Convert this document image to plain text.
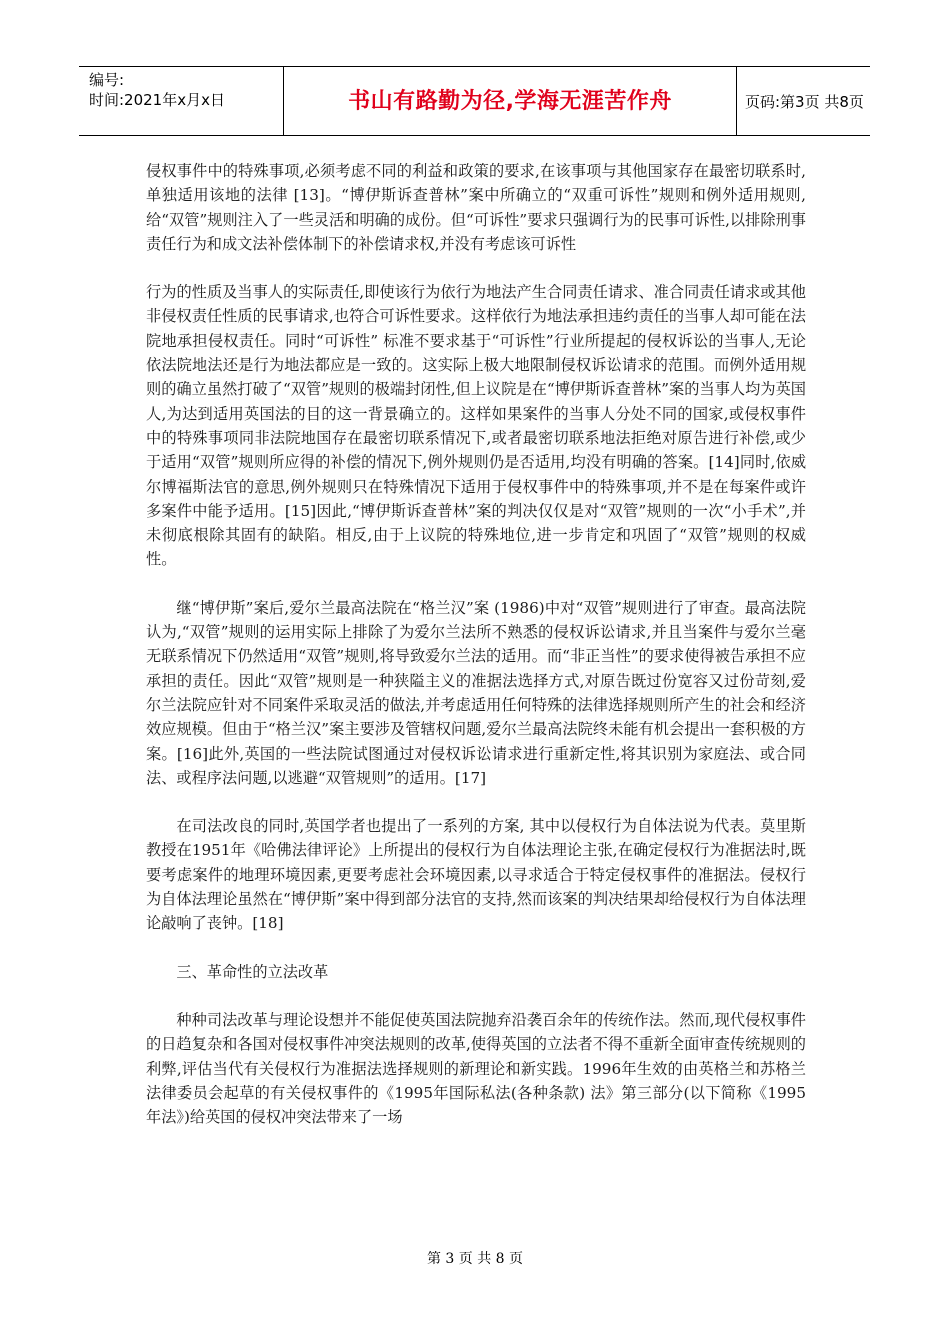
编号:
时间:2021年x月x日	书山有路勤为径,学海无涯苦作舟	页码:第3页 共8页

侵权事件中的特殊事项,必须考虑不同的利益和政策的要求,在该事项与其他国家存在最密切联系时,单独适用该地的法律 [13]。“博伊斯诉查普林”案中所确立的“双重可诉性”规则和例外适用规则,给“双管”规则注入了一些灵活和明确的成份。但“可诉性”要求只强调行为的民事可诉性,以排除刑事责任行为和成文法补偿体制下的补偿请求权,并没有考虑该可诉性

行为的性质及当事人的实际责任,即使该行为依行为地法产生合同责任请求、准合同责任请求或其他非侵权责任性质的民事请求,也符合可诉性要求。这样依行为地法承担违约责任的当事人却可能在法院地承担侵权责任。同时“可诉性” 标准不要求基于“可诉性”行业所提起的侵权诉讼的当事人,无论依法院地法还是行为地法都应是一致的。这实际上极大地限制侵权诉讼请求的范围。而例外适用规则的确立虽然打破了“双管”规则的极端封闭性,但上议院是在“博伊斯诉查普林”案的当事人均为英国人,为达到适用英国法的目的这一背景确立的。这样如果案件的当事人分处不同的国家,或侵权事件中的特殊事项同非法院地国存在最密切联系情况下,或者最密切联系地法拒绝对原告进行补偿,或少于适用“双管”规则所应得的补偿的情况下,例外规则仍是否适用,均没有明确的答案。[14]同时,依威尔博福斯法官的意思,例外规则只在特殊情况下适用于侵权事件中的特殊事项,并不是在每案件或许多案件中能予适用。[15]因此,“博伊斯诉查普林”案的判决仅仅是对“双管”规则的一次“小手术”,并未彻底根除其固有的缺陷。相反,由于上议院的特殊地位,进一步肯定和巩固了“双管”规则的权威性。

继“博伊斯”案后,爱尔兰最高法院在“格兰汉”案 (1986)中对“双管”规则进行了审查。最高法院认为,“双管”规则的运用实际上排除了为爱尔兰法所不熟悉的侵权诉讼请求,并且当案件与爱尔兰毫无联系情况下仍然适用“双管”规则,将导致爱尔兰法的适用。而“非正当性”的要求使得被告承担不应承担的责任。因此“双管”规则是一种狭隘主义的准据法选择方式,对原告既过份宽容又过份苛刻,爱尔兰法院应针对不同案件采取灵活的做法,并考虑适用任何特殊的法律选择规则所产生的社会和经济效应规模。但由于“格兰汉”案主要涉及管辖权问题,爱尔兰最高法院终未能有机会提出一套积极的方案。[16]此外,英国的一些法院试图通过对侵权诉讼请求进行重新定性,将其识别为家庭法、或合同法、或程序法问题,以逃避“双管规则”的适用。[17]

在司法改良的同时,英国学者也提出了一系列的方案, 其中以侵权行为自体法说为代表。莫里斯教授在1951年《哈佛法律评论》上所提出的侵权行为自体法理论主张,在确定侵权行为准据法时,既要考虑案件的地理环境因素,更要考虑社会环境因素,以寻求适合于特定侵权事件的准据法。侵权行为自体法理论虽然在“博伊斯”案中得到部分法官的支持,然而该案的判决结果却给侵权行为自体法理论敲响了丧钟。[18]

三、革命性的立法改革

种种司法改革与理论设想并不能促使英国法院抛弃沿袭百余年的传统作法。然而,现代侵权事件的日趋复杂和各国对侵权事件冲突法规则的改革,使得英国的立法者不得不重新全面审查传统规则的利弊,评估当代有关侵权行为准据法选择规则的新理论和新实践。1996年生效的由英格兰和苏格兰法律委员会起草的有关侵权事件的《1995年国际私法(各种条款) 法》第三部分(以下简称《1995年法》)给英国的侵权冲突法带来了一场

第 3 页 共 8 页
